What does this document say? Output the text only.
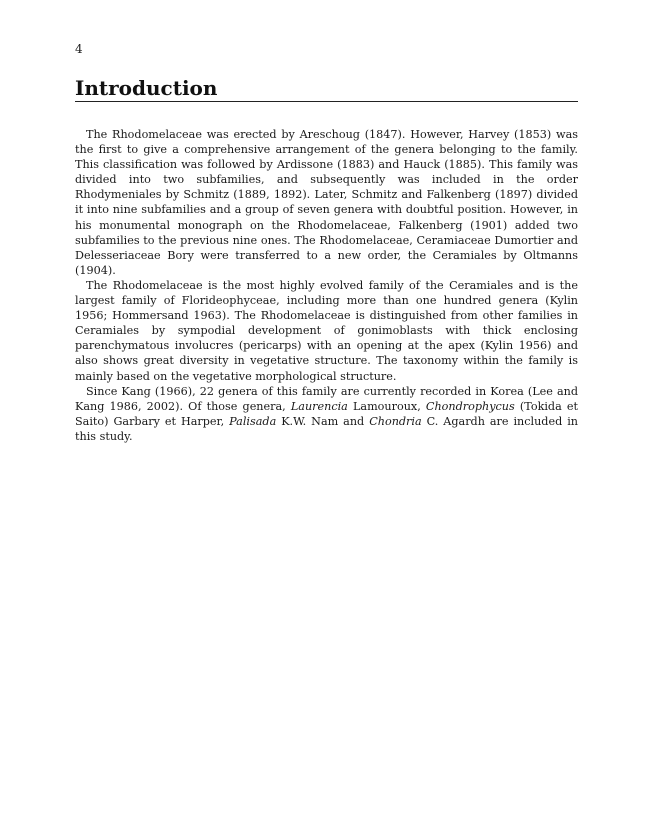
4
Introduction

The Rhodomelaceae was erected by Areschoug (1847). However, Harvey (1853) was the first to give a comprehensive arrangement of the genera belonging to the family. This classification was followed by Ardissone (1883) and Hauck (1885). This family was divided into two subfamilies, and subsequently was included in the order Rhodymeniales by Schmitz (1889, 1892). Later, Schmitz and Falkenberg (1897) divided it into nine subfamilies and a group of seven genera with doubtful position. However, in his monumental monograph on the Rhodomelaceae, Falkenberg (1901) added two subfamilies to the previous nine ones. The Rhodomelaceae, Ceramiaceae Dumortier and Delesseriaceae Bory were transferred to a new order, the Ceramiales by Oltmanns (1904).

The Rhodomelaceae is the most highly evolved family of the Ceramiales and is the largest family of Florideophyceae, including more than one hundred genera (Kylin 1956; Hommersand 1963). The Rhodomelaceae is distinguished from other families in Ceramiales by sympodial development of gonimoblasts with thick enclosing parenchymatous involucres (pericarps) with an opening at the apex (Kylin 1956) and also shows great diversity in vegetative structure. The taxonomy within the family is mainly based on the vegetative morphological structure.

Since Kang (1966), 22 genera of this family are currently recorded in Korea (Lee and Kang 1986, 2002). Of those genera, Laurencia Lamouroux, Chondrophycus (Tokida et Saito) Garbary et Harper, Palisada K.W. Nam and Chondria C. Agardh are included in this study.
